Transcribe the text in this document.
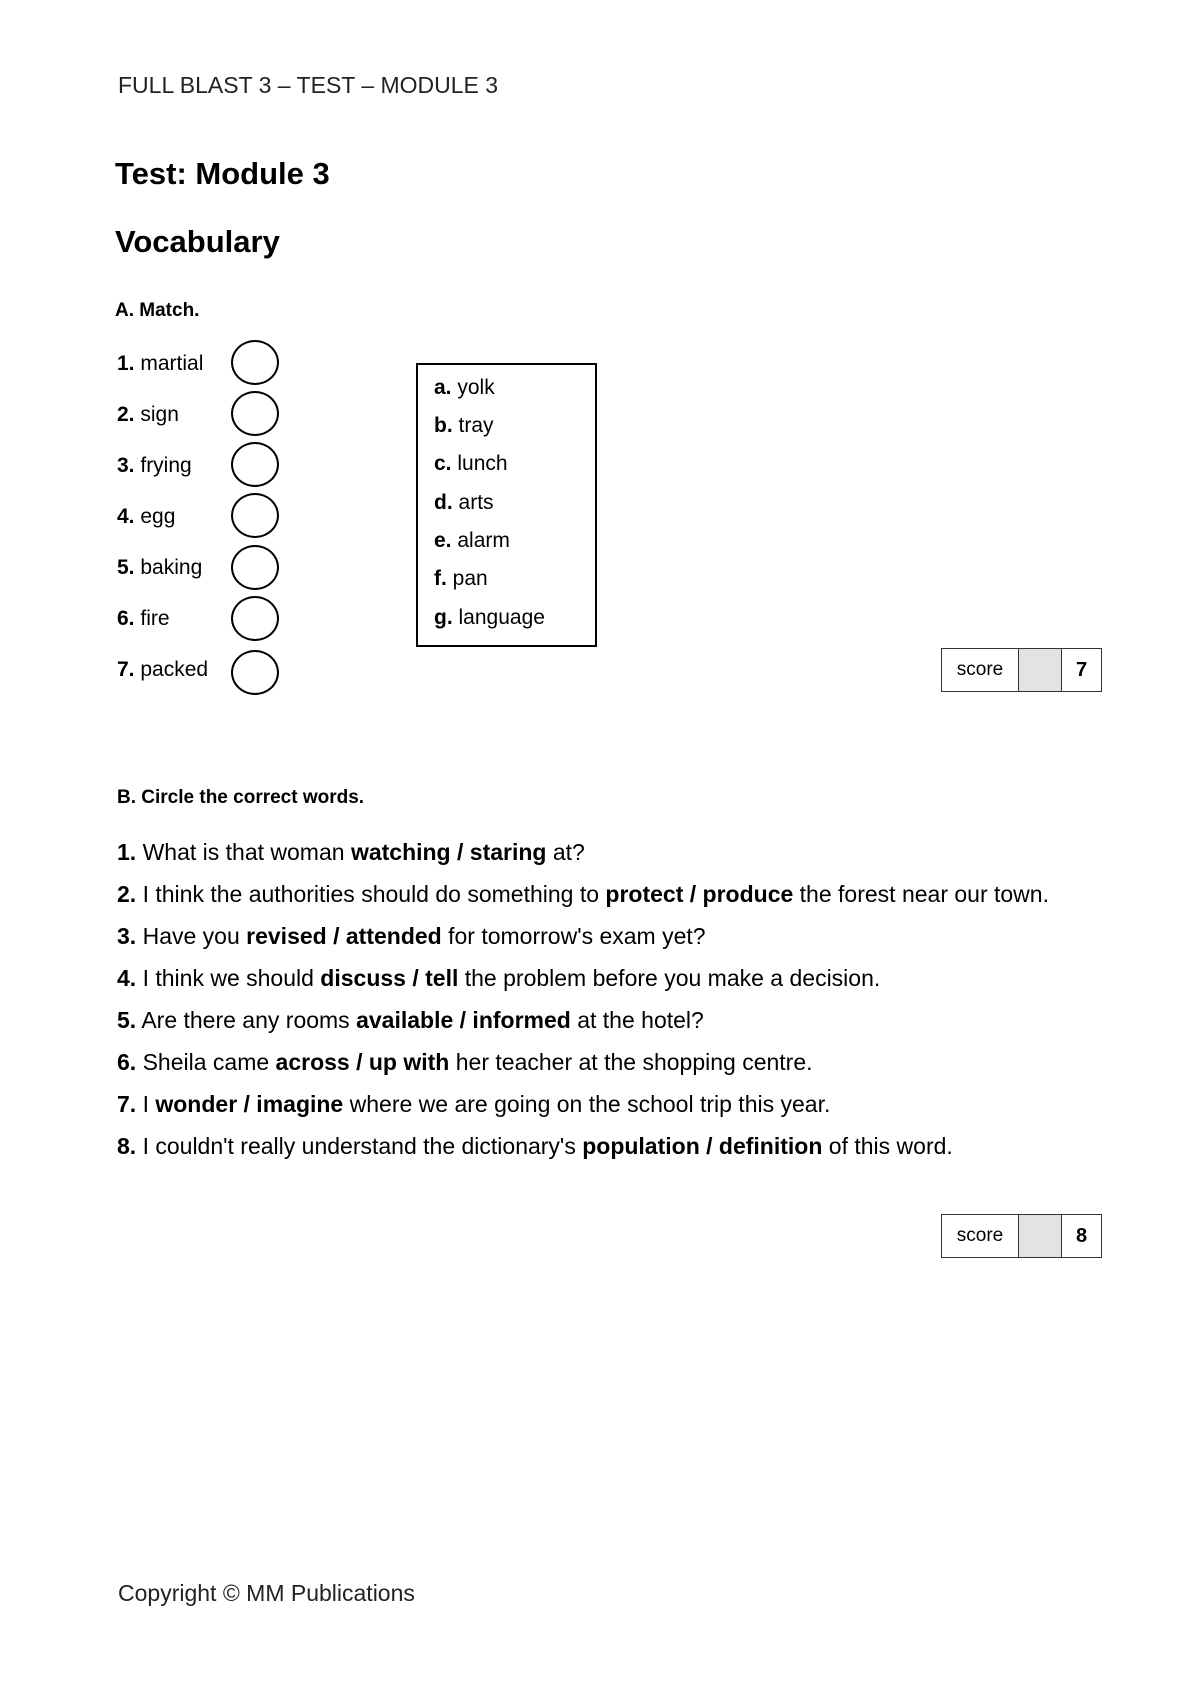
FULL BLAST 3 – TEST – MODULE 3
Test: Module 3
Vocabulary
A. Match.
1. martial
2. sign
3. frying
4. egg
5. baking
6. fire
7. packed
a. yolk
b. tray
c. lunch
d. arts
e. alarm
f. pan
g. language
score	7
B. Circle the correct words.
1. What is that woman watching / staring at?
2. I think the authorities should do something to protect / produce the forest near our town.
3. Have you revised / attended for tomorrow's exam yet?
4. I think we should discuss / tell the problem before you make a decision.
5. Are there any rooms available / informed at the hotel?
6. Sheila came across / up with her teacher at the shopping centre.
7. I wonder / imagine where we are going on the school trip this year.
8. I couldn't really understand the dictionary's population / definition of this word.
score	8
Copyright © MM Publications
